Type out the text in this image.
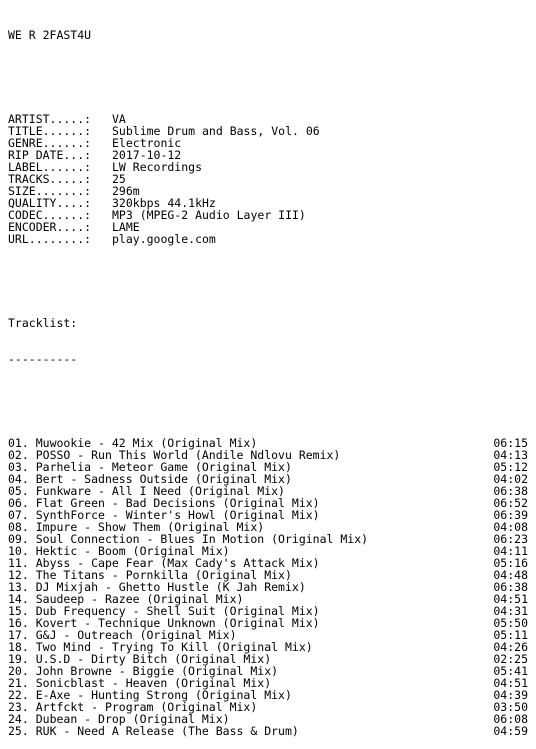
WE R 2FAST4U

ARTIST.....:	VA
TITLE......:	Sublime Drum and Bass, Vol. 06
GENRE......:	Electronic
RIP DATE...:	2017-10-12
LABEL......:	LW Recordings
TRACKS.....:	25
SIZE.......:	296m
QUALITY....:	320kbps 44.1kHz
CODEC......:	MP3 (MPEG-2 Audio Layer III)
ENCODER....:	LAME
URL........:	play.google.com

Tracklist:

----------

01. Muwookie - 42 Mix (Original Mix)	06:15
02. POSSO - Run This World (Andile Ndlovu Remix)	04:13
03. Parhelia - Meteor Game (Original Mix)	05:12
04. Bert - Sadness Outside (Original Mix)	04:02
05. Funkware - All I Need (Original Mix)	06:38
06. Flat Green - Bad Decisions (Original Mix)	06:52
07. SynthForce - Winter's Howl (Original Mix)	06:39
08. Impure - Show Them (Original Mix)	04:08
09. Soul Connection - Blues In Motion (Original Mix)	06:23
10. Hektic - Boom (Original Mix)	04:11
11. Abyss - Cape Fear (Max Cady's Attack Mix)	05:16
12. The Titans - Pornkilla (Original Mix)	04:48
13. DJ Mixjah - Ghetto Hustle (K Jah Remix)	06:38
14. Saudeep - Razee (Original Mix)	04:51
15. Dub Frequency - Shell Suit (Original Mix)	04:31
16. Kovert - Technique Unknown (Original Mix)	05:50
17. G&J - Outreach (Original Mix)	05:11
18. Two Mind - Trying To Kill (Original Mix)	04:26
19. U.S.D - Dirty Bitch (Original Mix)	02:25
20. John Browne - Biggie (Original Mix)	05:41
21. Sonicblast - Heaven (Original Mix)	04:51
22. E-Axe - Hunting Strong (Original Mix)	04:39
23. Artfckt - Program (Original Mix)	03:50
24. Dubean - Drop (Original Mix)	06:08
25. RUK - Need A Release (The Bass & Drum)	04:59
